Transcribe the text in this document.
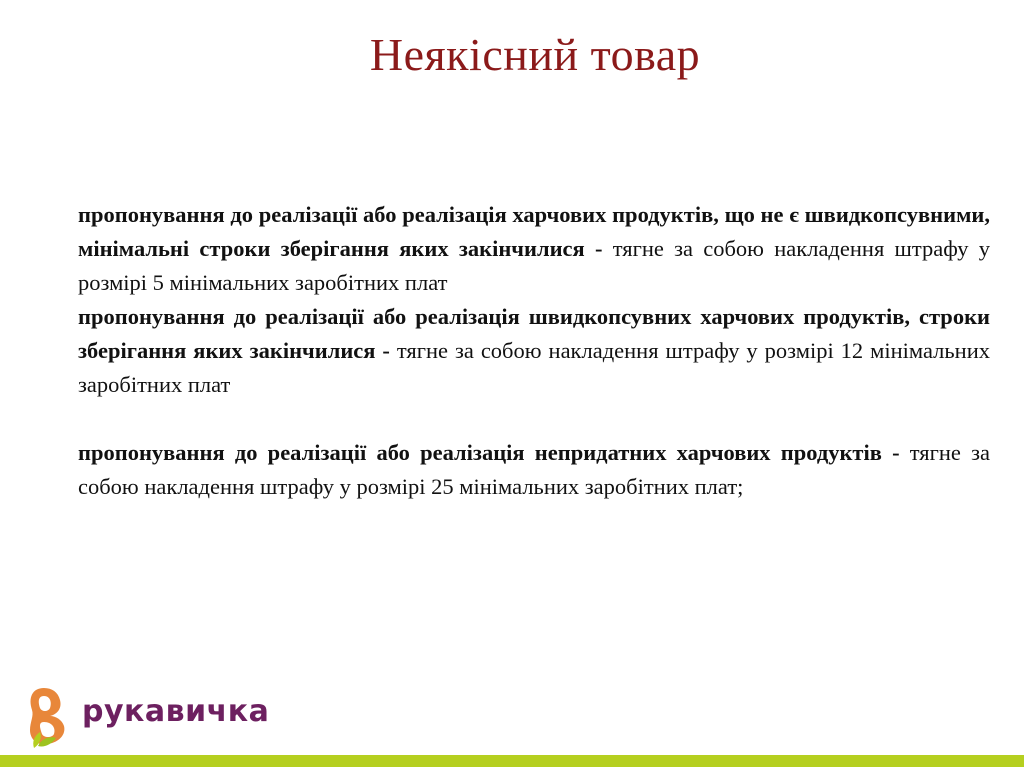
Неякісний товар

пропонування до реалізації або реалізація харчових продуктів, що не є швидкопсувними, мінімальні строки зберігання яких закінчилися - тягне за собою накладення штрафу у розмірі 5 мінімальних заробітних плат

пропонування до реалізації або реалізація швидкопсувних харчових продуктів, строки зберігання яких закінчилися - тягне за собою накладення штрафу у розмірі 12 мінімальних заробітних плат

пропонування до реалізації або реалізація непридатних харчових продуктів - тягне за собою накладення штрафу у розмірі 25 мінімальних заробітних плат;

рукавичка
